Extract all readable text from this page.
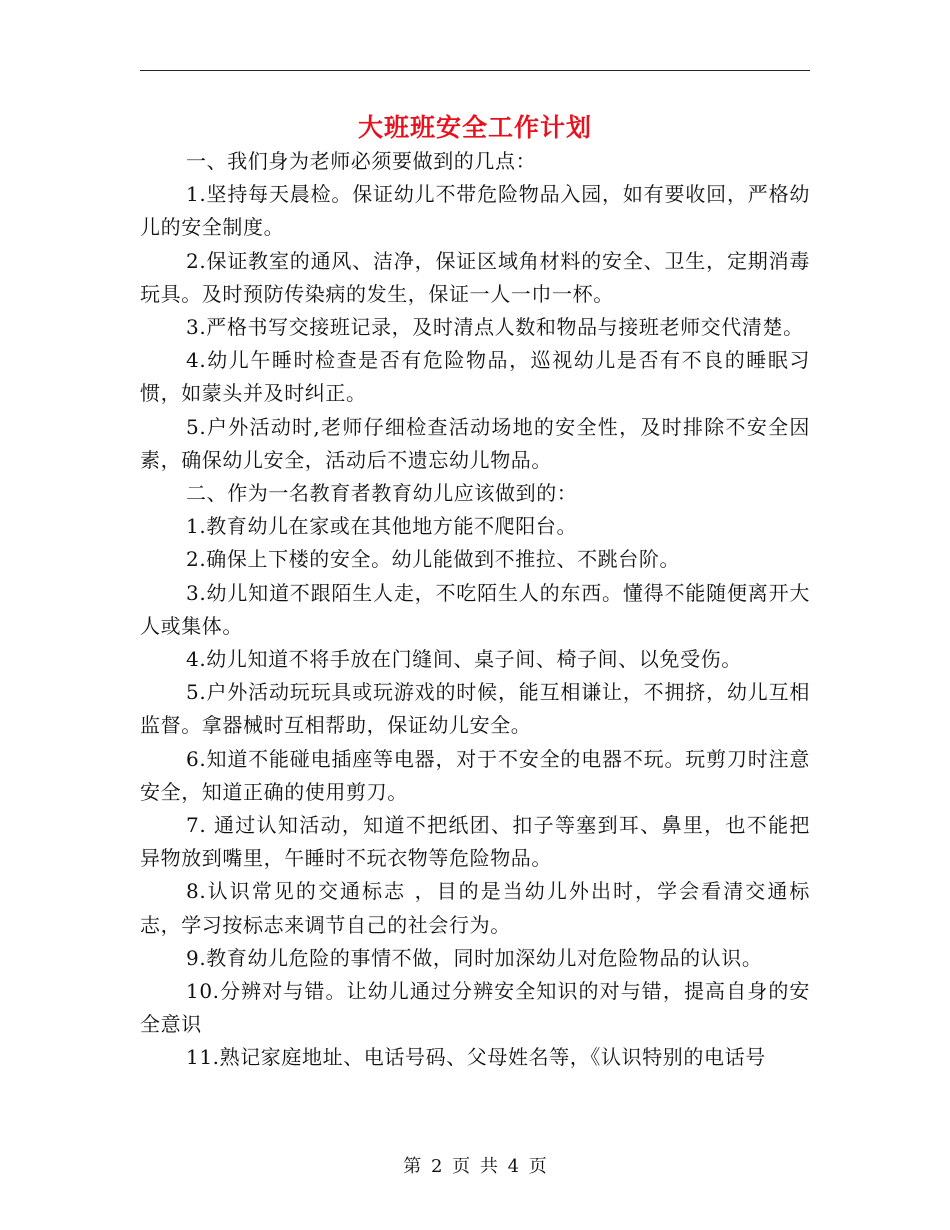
大班班安全工作计划

一、我们身为老师必须要做到的几点：

1.坚持每天晨检。保证幼儿不带危险物品入园，如有要收回，严格幼儿的安全制度。

2.保证教室的通风、洁净，保证区域角材料的安全、卫生，定期消毒玩具。及时预防传染病的发生，保证一人一巾一杯。

3.严格书写交接班记录，及时清点人数和物品与接班老师交代清楚。

4.幼儿午睡时检查是否有危险物品，巡视幼儿是否有不良的睡眠习惯，如蒙头并及时纠正。

5.户外活动时,老师仔细检查活动场地的安全性，及时排除不安全因素，确保幼儿安全，活动后不遗忘幼儿物品。

二、作为一名教育者教育幼儿应该做到的：

1.教育幼儿在家或在其他地方能不爬阳台。

2.确保上下楼的安全。幼儿能做到不推拉、不跳台阶。

3.幼儿知道不跟陌生人走，不吃陌生人的东西。懂得不能随便离开大人或集体。

4.幼儿知道不将手放在门缝间、桌子间、椅子间、以免受伤。

5.户外活动玩玩具或玩游戏的时候，能互相谦让，不拥挤，幼儿互相监督。拿器械时互相帮助，保证幼儿安全。

6.知道不能碰电插座等电器，对于不安全的电器不玩。玩剪刀时注意安全，知道正确的使用剪刀。

7. 通过认知活动，知道不把纸团、扣子等塞到耳、鼻里，也不能把异物放到嘴里，午睡时不玩衣物等危险物品。

8.认识常见的交通标志 ，目的是当幼儿外出时，学会看清交通标志，学习按标志来调节自己的社会行为。

9.教育幼儿危险的事情不做，同时加深幼儿对危险物品的认识。

10.分辨对与错。让幼儿通过分辨安全知识的对与错，提高自身的安全意识

11.熟记家庭地址、电话号码、父母姓名等，《认识特别的电话号

第 2 页 共 4 页
